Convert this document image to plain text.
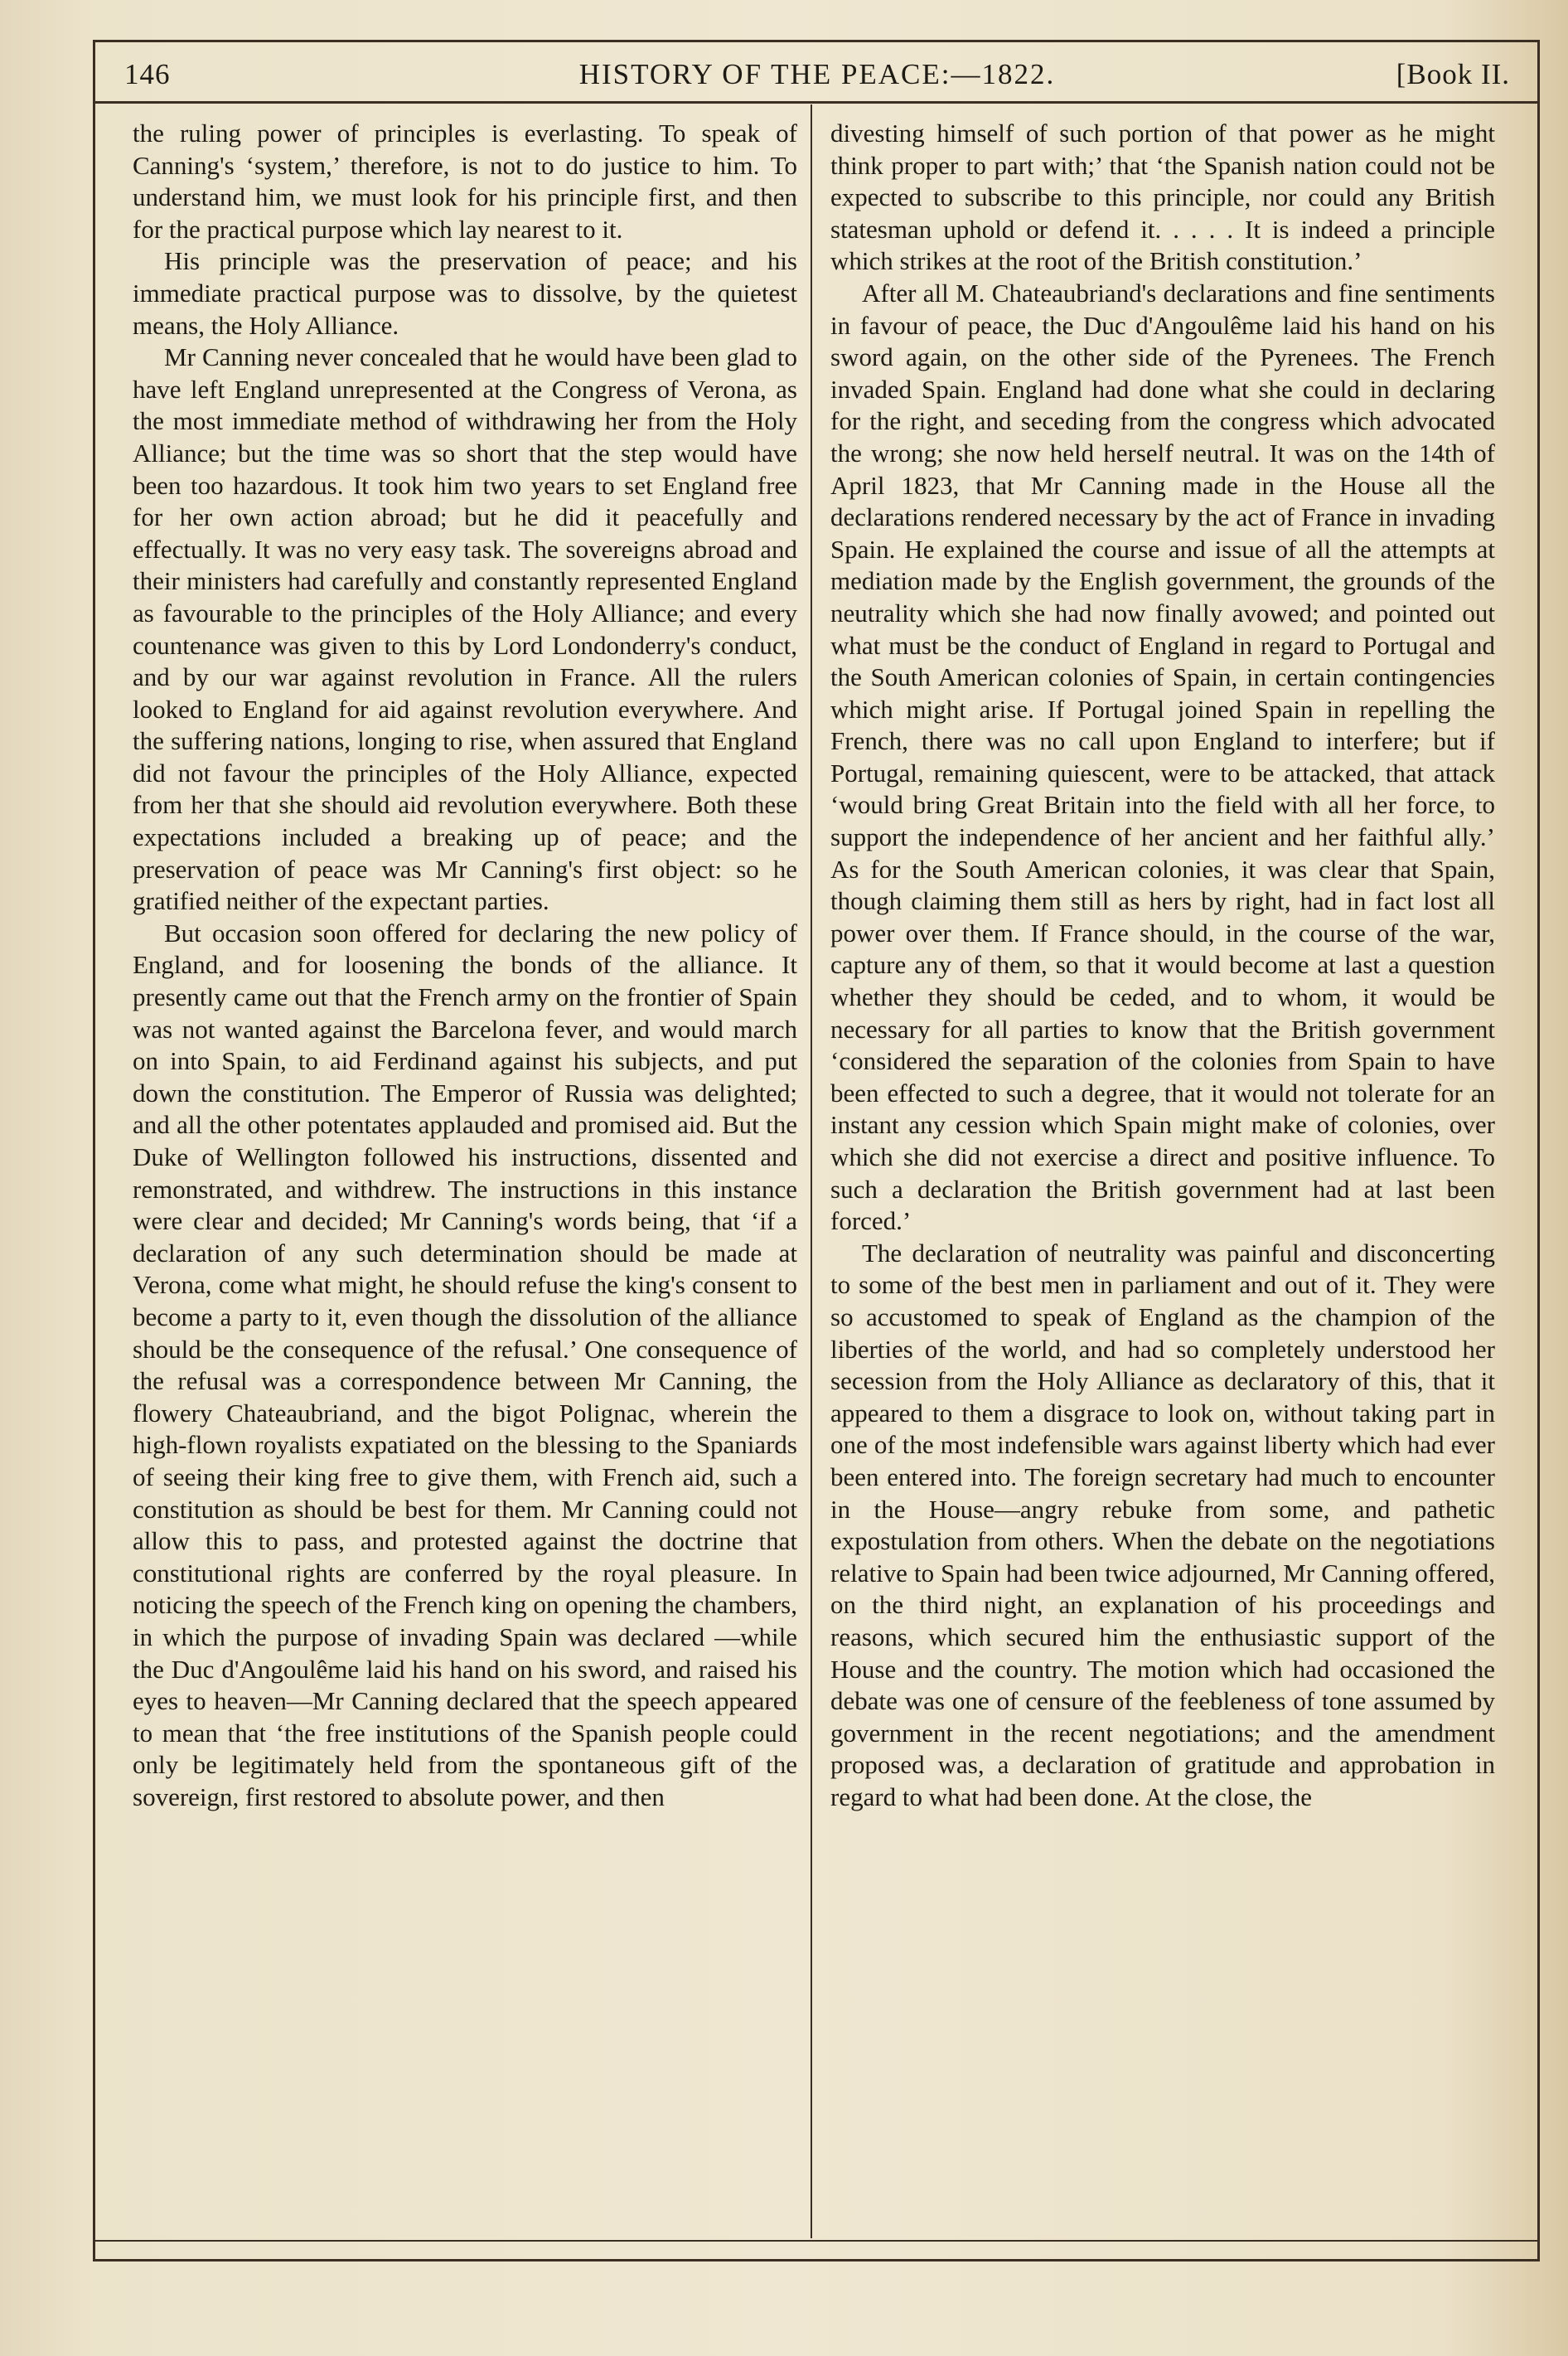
146	HISTORY OF THE PEACE:—1822.	[Book II.

the ruling power of principles is everlasting. To speak of Canning's ‘system,’ therefore, is not to do justice to him. To understand him, we must look for his principle first, and then for the practical purpose which lay nearest to it.

His principle was the preservation of peace; and his immediate practical purpose was to dissolve, by the quietest means, the Holy Alliance.

Mr Canning never concealed that he would have been glad to have left England unrepresented at the Congress of Verona, as the most immediate method of withdrawing her from the Holy Alliance; but the time was so short that the step would have been too hazardous. It took him two years to set England free for her own action abroad; but he did it peacefully and effectually. It was no very easy task. The sovereigns abroad and their ministers had carefully and constantly represented England as favourable to the principles of the Holy Alliance; and every countenance was given to this by Lord Londonderry's conduct, and by our war against revolution in France. All the rulers looked to England for aid against revolution everywhere. And the suffering nations, longing to rise, when assured that England did not favour the principles of the Holy Alliance, expected from her that she should aid revolution everywhere. Both these expectations included a breaking up of peace; and the preservation of peace was Mr Canning's first object: so he gratified neither of the expectant parties.

But occasion soon offered for declaring the new policy of England, and for loosening the bonds of the alliance. It presently came out that the French army on the frontier of Spain was not wanted against the Barcelona fever, and would march on into Spain, to aid Ferdinand against his subjects, and put down the constitution. The Emperor of Russia was delighted; and all the other potentates applauded and promised aid. But the Duke of Wellington followed his instructions, dissented and remonstrated, and withdrew. The instructions in this instance were clear and decided; Mr Canning's words being, that ‘if a declaration of any such determination should be made at Verona, come what might, he should refuse the king's consent to become a party to it, even though the dissolution of the alliance should be the consequence of the refusal.’ One consequence of the refusal was a correspondence between Mr Canning, the flowery Chateaubriand, and the bigot Polignac, wherein the high-flown royalists expatiated on the blessing to the Spaniards of seeing their king free to give them, with French aid, such a constitution as should be best for them. Mr Canning could not allow this to pass, and protested against the doctrine that constitutional rights are conferred by the royal pleasure. In noticing the speech of the French king on opening the chambers, in which the purpose of invading Spain was declared —while the Duc d'Angoulême laid his hand on his sword, and raised his eyes to heaven—Mr Canning declared that the speech appeared to mean that ‘the free institutions of the Spanish people could only be legitimately held from the spontaneous gift of the sovereign, first restored to absolute power, and then

divesting himself of such portion of that power as he might think proper to part with;’ that ‘the Spanish nation could not be expected to subscribe to this principle, nor could any British statesman uphold or defend it. . . . . It is indeed a principle which strikes at the root of the British constitution.’

After all M. Chateaubriand's declarations and fine sentiments in favour of peace, the Duc d'Angoulême laid his hand on his sword again, on the other side of the Pyrenees. The French invaded Spain. England had done what she could in declaring for the right, and seceding from the congress which advocated the wrong; she now held herself neutral. It was on the 14th of April 1823, that Mr Canning made in the House all the declarations rendered necessary by the act of France in invading Spain. He explained the course and issue of all the attempts at mediation made by the English government, the grounds of the neutrality which she had now finally avowed; and pointed out what must be the conduct of England in regard to Portugal and the South American colonies of Spain, in certain contingencies which might arise. If Portugal joined Spain in repelling the French, there was no call upon England to interfere; but if Portugal, remaining quiescent, were to be attacked, that attack ‘would bring Great Britain into the field with all her force, to support the independence of her ancient and her faithful ally.’ As for the South American colonies, it was clear that Spain, though claiming them still as hers by right, had in fact lost all power over them. If France should, in the course of the war, capture any of them, so that it would become at last a question whether they should be ceded, and to whom, it would be necessary for all parties to know that the British government ‘considered the separation of the colonies from Spain to have been effected to such a degree, that it would not tolerate for an instant any cession which Spain might make of colonies, over which she did not exercise a direct and positive influence. To such a declaration the British government had at last been forced.’

The declaration of neutrality was painful and disconcerting to some of the best men in parliament and out of it. They were so accustomed to speak of England as the champion of the liberties of the world, and had so completely understood her secession from the Holy Alliance as declaratory of this, that it appeared to them a disgrace to look on, without taking part in one of the most indefensible wars against liberty which had ever been entered into. The foreign secretary had much to encounter in the House—angry rebuke from some, and pathetic expostulation from others. When the debate on the negotiations relative to Spain had been twice adjourned, Mr Canning offered, on the third night, an explanation of his proceedings and reasons, which secured him the enthusiastic support of the House and the country. The motion which had occasioned the debate was one of censure of the feebleness of tone assumed by government in the recent negotiations; and the amendment proposed was, a declaration of gratitude and approbation in regard to what had been done. At the close, the
